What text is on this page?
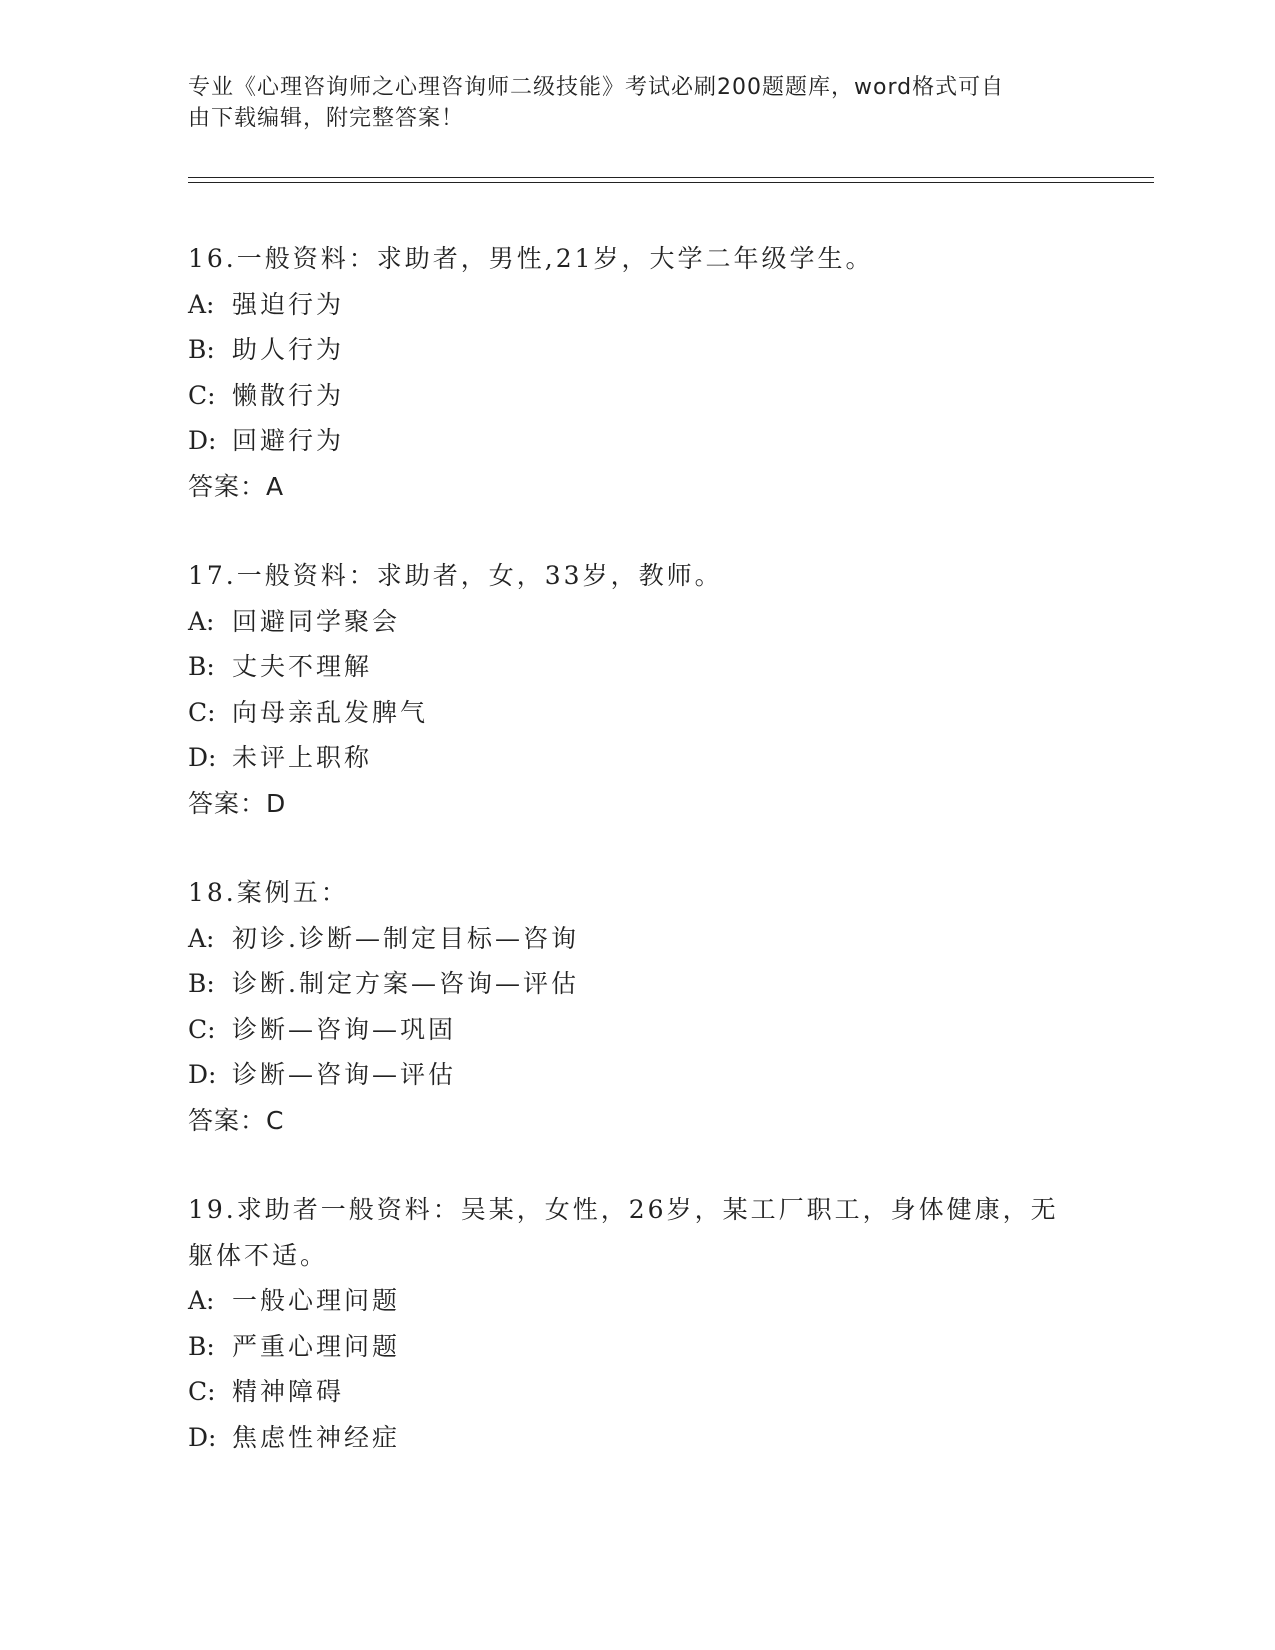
专业《心理咨询师之心理咨询师二级技能》考试必刷200题题库，word格式可自
由下载编辑，附完整答案！
16.一般资料：求助者，男性,21岁，大学二年级学生。
A: 强迫行为
B: 助人行为
C: 懒散行为
D: 回避行为
答案：A
17.一般资料：求助者，女，33岁，教师。
A: 回避同学聚会
B: 丈夫不理解
C: 向母亲乱发脾气
D: 未评上职称
答案：D
18.案例五：
A: 初诊.诊断—制定目标—咨询
B: 诊断.制定方案—咨询—评估
C: 诊断—咨询—巩固
D: 诊断—咨询—评估
答案：C
19.求助者一般资料：吴某，女性，26岁，某工厂职工，身体健康，无
躯体不适。
A: 一般心理问题
B: 严重心理问题
C: 精神障碍
D: 焦虑性神经症
